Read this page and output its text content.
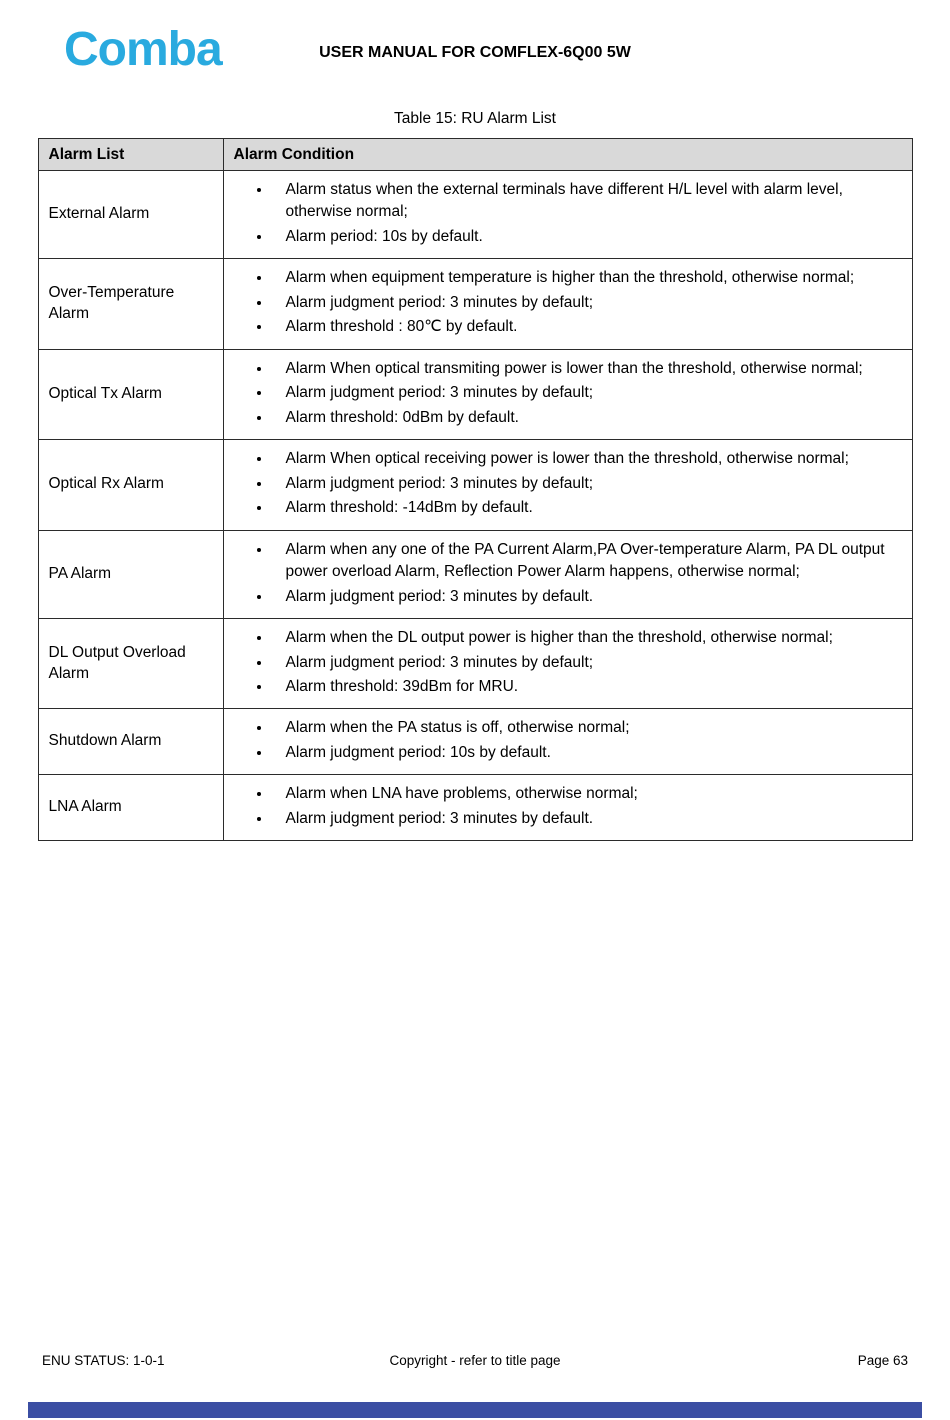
Comba	USER MANUAL FOR COMFLEX-6Q00 5W
Table 15: RU Alarm List
Alarm List	Alarm Condition
External Alarm	
• Alarm status when the external terminals have different H/L level with alarm level, otherwise normal;
• Alarm period: 10s by default.

Over-Temperature Alarm	
• Alarm when equipment temperature is higher than the threshold, otherwise normal;
• Alarm judgment period: 3 minutes by default;
• Alarm threshold : 80℃ by default.

Optical Tx Alarm	
• Alarm When optical transmiting power is lower than the threshold, otherwise normal;
• Alarm judgment period: 3 minutes by default;
• Alarm threshold: 0dBm by default.

Optical Rx Alarm	
• Alarm When optical receiving power is lower than the threshold, otherwise normal;
• Alarm judgment period: 3 minutes by default;
• Alarm threshold: -14dBm by default.

PA Alarm	
• Alarm when any one of the PA Current Alarm,PA Over-temperature Alarm, PA DL output power overload Alarm, Reflection Power Alarm happens, otherwise normal;
• Alarm judgment period: 3 minutes by default.

DL Output Overload Alarm	
• Alarm when the DL output power is higher than the threshold, otherwise normal;
• Alarm judgment period: 3 minutes by default;
• Alarm threshold: 39dBm for MRU.

Shutdown Alarm	
• Alarm when the PA status is off, otherwise normal;
• Alarm judgment period: 10s by default.

LNA Alarm	
• Alarm when LNA have problems, otherwise normal;
• Alarm judgment period: 3 minutes by default.
ENU STATUS: 1-0-1	Copyright - refer to title page	Page 63
